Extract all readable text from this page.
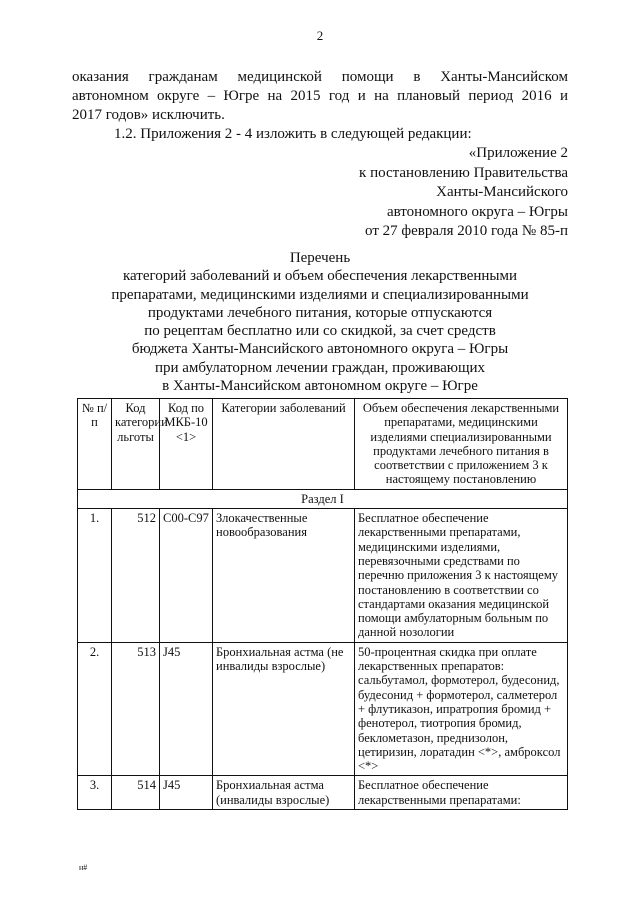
2
оказания гражданам медицинской помощи в Ханты-Мансийском
автономном округе – Югре на 2015 год и на плановый период 2016 и
2017 годов» исключить.
1.2. Приложения 2 - 4 изложить в следующей редакции:
«Приложение 2
к постановлению Правительства
Ханты-Мансийского
автономного округа – Югры
от 27 февраля 2010 года № 85-п
Перечень
категорий заболеваний и объем обеспечения лекарственными
препаратами, медицинскими изделиями и специализированными
продуктами лечебного питания, которые отпускаются
по рецептам бесплатно или со скидкой, за счет средств
бюджета Ханты-Мансийского автономного округа – Югры
при амбулаторном лечении граждан, проживающих
в Ханты-Мансийском автономном округе – Югре
№ п/п	Код категории льготы	Код по МКБ-10 <1>	Категории заболеваний	Объем обеспечения лекарственными препаратами, медицинскими изделиями специализированными продуктами лечебного питания в соответствии с приложением 3 к настоящему постановлению
Раздел I				
1.	512	C00-C97	Злокачественные новообразования	Бесплатное обеспечение лекарственными препаратами, медицинскими изделиями, перевязочными средствами по перечню приложения 3 к настоящему постановлению в соответствии со стандартами оказания медицинской помощи амбулаторным больным по данной нозологии
2.	513	J45	Бронхиальная астма (не инвалиды взрослые)	50-процентная скидка при оплате лекарственных препаратов: сальбутамол, формотерол, будесонид, будесонид + формотерол, салметерол + флутиказон, ипратропия бромид + фенотерол, тиотропия бромид, беклометазон, преднизолон, цетиризин, лоратадин <*>, амброксол <*>
3.	514	J45	Бронхиальная астма (инвалиды взрослые)	Бесплатное обеспечение лекарственными препаратами:
н#
